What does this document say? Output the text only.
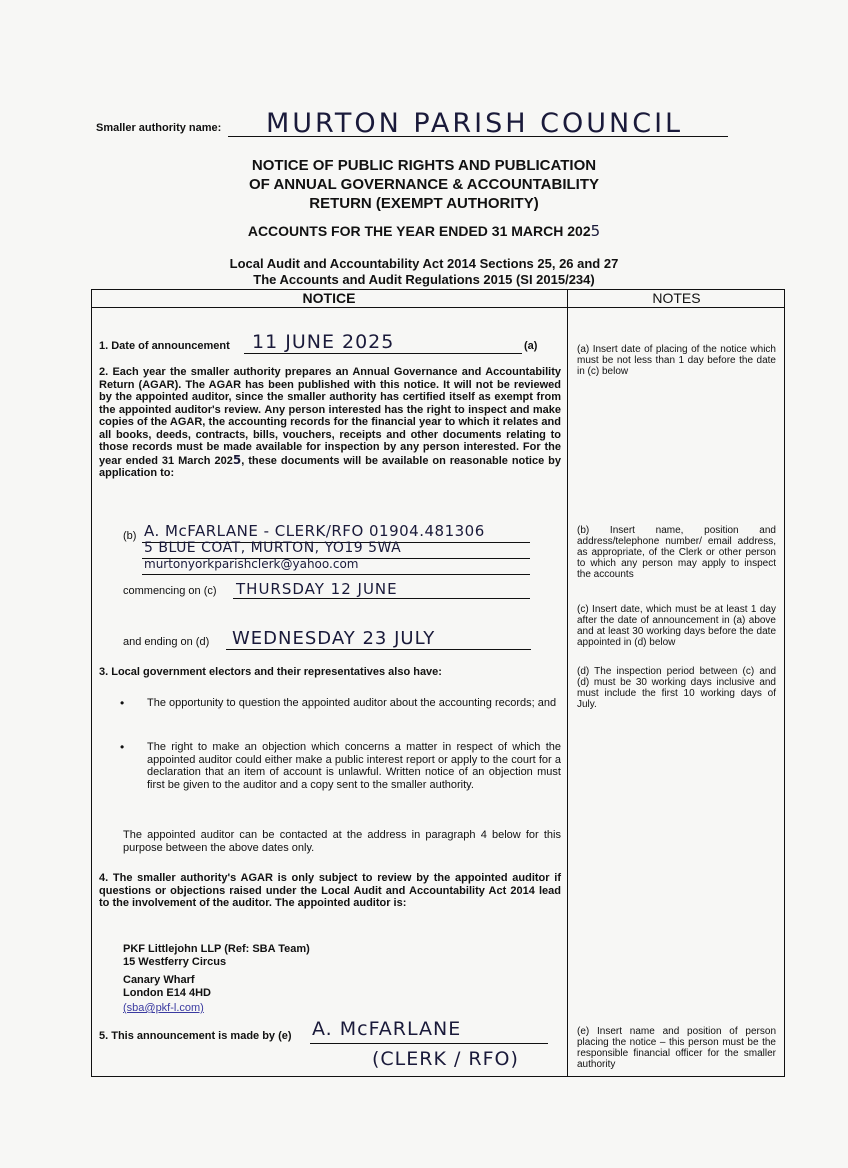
Smaller authority name: MURTON PARISH COUNCIL
NOTICE OF PUBLIC RIGHTS AND PUBLICATION
OF ANNUAL GOVERNANCE & ACCOUNTABILITY
RETURN (EXEMPT AUTHORITY)
ACCOUNTS FOR THE YEAR ENDED 31 MARCH 2025
Local Audit and Accountability Act 2014 Sections 25, 26 and 27
The Accounts and Audit Regulations 2015 (SI 2015/234)
NOTICE	NOTES
1. Date of announcement 11 JUNE 2025	(a)
2. Each year the smaller authority prepares an Annual Governance and Accountability Return (AGAR). The AGAR has been published with this notice. It will not be reviewed by the appointed auditor, since the smaller authority has certified itself as exempt from the appointed auditor's review. Any person interested has the right to inspect and make copies of the AGAR, the accounting records for the financial year to which it relates and all books, deeds, contracts, bills, vouchers, receipts and other documents relating to those records must be made available for inspection by any person interested. For the year ended 31 March 2025, these documents will be available on reasonable notice by application to:
(b) A. McFARLANE - CLERK/RFO 01904.481306
5 BLUE COAT, MURTON, YO19 5WA
murtonyorkparishclerk@yahoo.com
commencing on (c) THURSDAY 12 JUNE
and ending on (d) WEDNESDAY 23 JULY
3. Local government electors and their representatives also have:
• The opportunity to question the appointed auditor about the accounting records; and
• The right to make an objection which concerns a matter in respect of which the appointed auditor could either make a public interest report or apply to the court for a declaration that an item of account is unlawful. Written notice of an objection must first be given to the auditor and a copy sent to the smaller authority.
The appointed auditor can be contacted at the address in paragraph 4 below for this purpose between the above dates only.
4. The smaller authority's AGAR is only subject to review by the appointed auditor if questions or objections raised under the Local Audit and Accountability Act 2014 lead to the involvement of the auditor. The appointed auditor is:
PKF Littlejohn LLP (Ref: SBA Team)
15 Westferry Circus
Canary Wharf
London E14 4HD
(sba@pkf-l.com)
5. This announcement is made by (e) A. McFARLANE
(CLERK / RFO)
(a) Insert date of placing of the notice which must be not less than 1 day before the date in (c) below
(b) Insert name, position and address/telephone number/ email address, as appropriate, of the Clerk or other person to which any person may apply to inspect the accounts
(c) Insert date, which must be at least 1 day after the date of announcement in (a) above and at least 30 working days before the date appointed in (d) below
(d) The inspection period between (c) and (d) must be 30 working days inclusive and must include the first 10 working days of July.
(e) Insert name and position of person placing the notice – this person must be the responsible financial officer for the smaller authority
